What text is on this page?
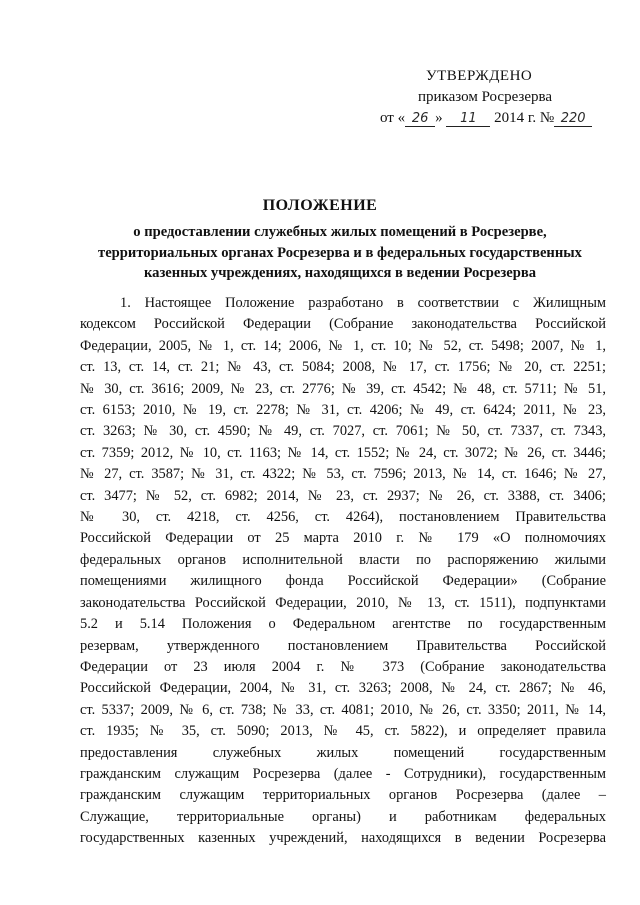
УТВЕРЖДЕНО
приказом Росрезерва
от « 26 » 11 2014 г. № 220
ПОЛОЖЕНИЕ
о предоставлении служебных жилых помещений в Росрезерве,
территориальных органах Росрезерва и в федеральных государственных
казенных учреждениях, находящихся в ведении Росрезерва
1. Настоящее Положение разработано в соответствии с Жилищным
кодексом Российской Федерации (Собрание законодательства Российской
Федерации, 2005, № 1, ст. 14; 2006, № 1, ст. 10; № 52, ст. 5498; 2007, № 1,
ст. 13, ст. 14, ст. 21; № 43, ст. 5084; 2008, № 17, ст. 1756; № 20, ст. 2251;
№ 30, ст. 3616; 2009, № 23, ст. 2776; № 39, ст. 4542; № 48, ст. 5711; № 51,
ст. 6153; 2010, № 19, ст. 2278; № 31, ст. 4206; № 49, ст. 6424; 2011, № 23,
ст. 3263; № 30, ст. 4590; № 49, ст. 7027, ст. 7061; № 50, ст. 7337, ст. 7343,
ст. 7359; 2012, № 10, ст. 1163; № 14, ст. 1552; № 24, ст. 3072; № 26, ст. 3446;
№ 27, ст. 3587; № 31, ст. 4322; № 53, ст. 7596; 2013, № 14, ст. 1646; № 27,
ст. 3477; № 52, ст. 6982; 2014, № 23, ст. 2937; № 26, ст. 3388, ст. 3406;
№ 30, ст. 4218, ст. 4256, ст. 4264), постановлением Правительства
Российской Федерации от 25 марта 2010 г. № 179 «О полномочиях
федеральных органов исполнительной власти по распоряжению жилыми
помещениями жилищного фонда Российской Федерации» (Собрание
законодательства Российской Федерации, 2010, № 13, ст. 1511), подпунктами
5.2 и 5.14 Положения о Федеральном агентстве по государственным
резервам, утвержденного постановлением Правительства Российской
Федерации от 23 июля 2004 г. № 373 (Собрание законодательства
Российской Федерации, 2004, № 31, ст. 3263; 2008, № 24, ст. 2867; № 46,
ст. 5337; 2009, № 6, ст. 738; № 33, ст. 4081; 2010, № 26, ст. 3350; 2011, № 14,
ст. 1935; № 35, ст. 5090; 2013, № 45, ст. 5822), и определяет правила
предоставления служебных жилых помещений государственным
гражданским служащим Росрезерва (далее - Сотрудники), государственным
гражданским служащим территориальных органов Росрезерва (далее –
Служащие, территориальные органы) и работникам федеральных
государственных казенных учреждений, находящихся в ведении Росрезерва
